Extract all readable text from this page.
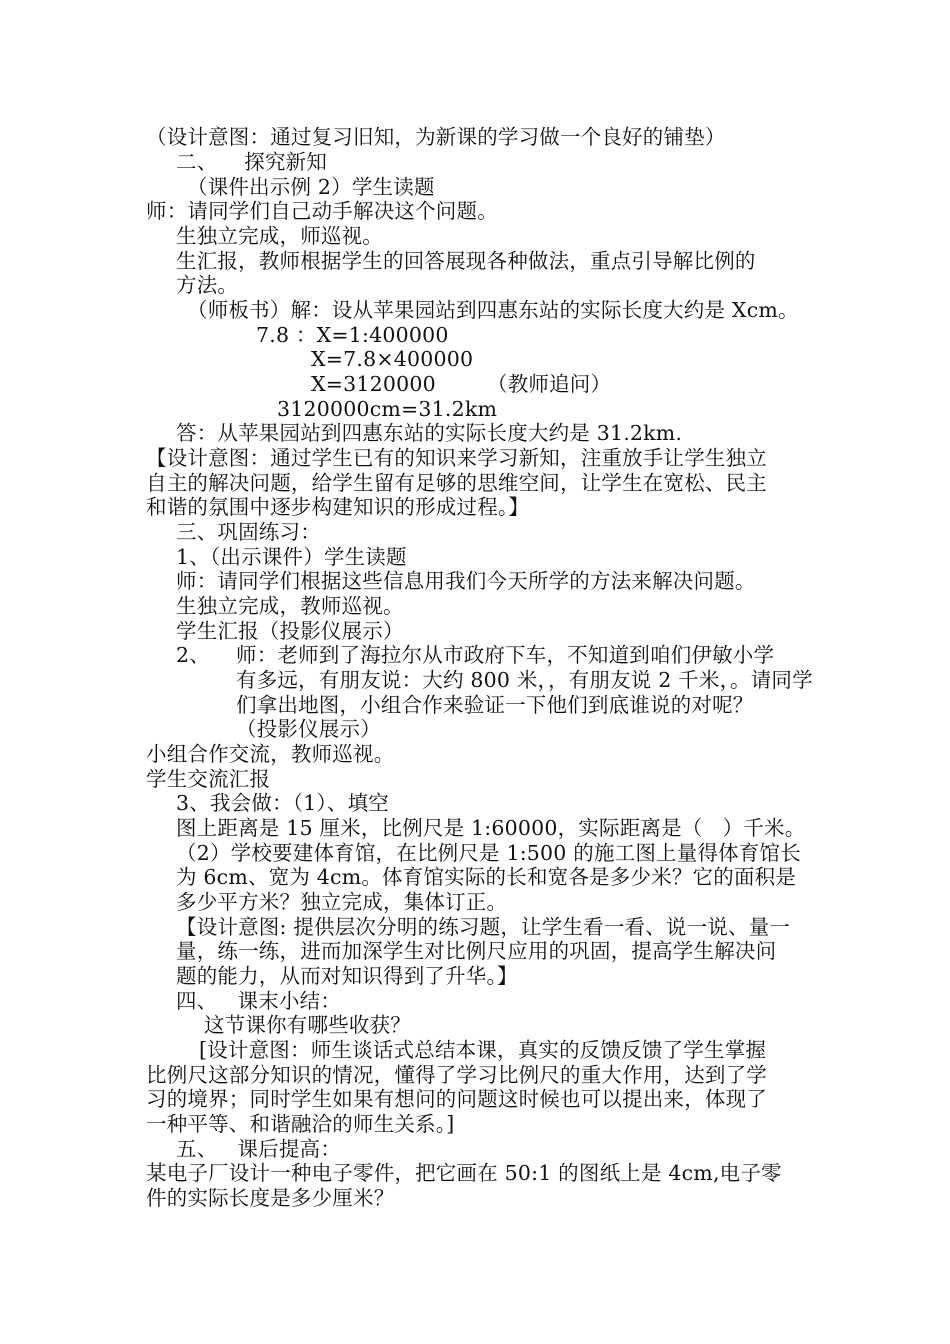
（设计意图：通过复习旧知，为新课的学习做一个良好的铺垫）
二、    探究新知
（课件出示例 2）学生读题
师：请同学们自己动手解决这个问题。
生独立完成，师巡视。
生汇报，教师根据学生的回答展现各种做法，重点引导解比例的
方法。
（师板书）解：设从苹果园站到四惠东站的实际长度大约是 Xcm。
7.8 ：X=1:400000
X=7.8×400000
X=3120000 （教师追问）
3120000cm=31.2km
答：从苹果园站到四惠东站的实际长度大约是 31.2km.
【设计意图：通过学生已有的知识来学习新知，注重放手让学生独立
自主的解决问题，给学生留有足够的思维空间，让学生在宽松、民主
和谐的氛围中逐步构建知识的形成过程。】
三、巩固练习：
1、（出示课件）学生读题
师：请同学们根据这些信息用我们今天所学的方法来解决问题。
生独立完成，教师巡视。
学生汇报（投影仪展示）
2、 师：老师到了海拉尔从市政府下车，不知道到咱们伊敏小学
有多远，有朋友说：大约 800 米，，有朋友说 2 千米，。请同学
们拿出地图，小组合作来验证一下他们到底谁说的对呢？
（投影仪展示）
小组合作交流，教师巡视。
学生交流汇报
3、我会做：（1）、填空
图上距离是 15 厘米，比例尺是 1:60000，实际距离是（   ）千米。
（2）学校要建体育馆，在比例尺是 1:500 的施工图上量得体育馆长
为 6cm、宽为 4cm。体育馆实际的长和宽各是多少米？它的面积是
多少平方米？独立完成，集体订正。
【设计意图: 提供层次分明的练习题，让学生看一看、说一说、量一
量，练一练，进而加深学生对比例尺应用的巩固，提高学生解决问
题的能力，从而对知识得到了升华。】
四、   课末小结：
这节课你有哪些收获？
[设计意图：师生谈话式总结本课，真实的反馈反馈了学生掌握
比例尺这部分知识的情况，懂得了学习比例尺的重大作用，达到了学
习的境界；同时学生如果有想问的问题这时候也可以提出来，体现了
一种平等、和谐融洽的师生关系。]
五、   课后提高：
某电子厂设计一种电子零件，把它画在 50:1 的图纸上是 4cm,电子零
件的实际长度是多少厘米？
